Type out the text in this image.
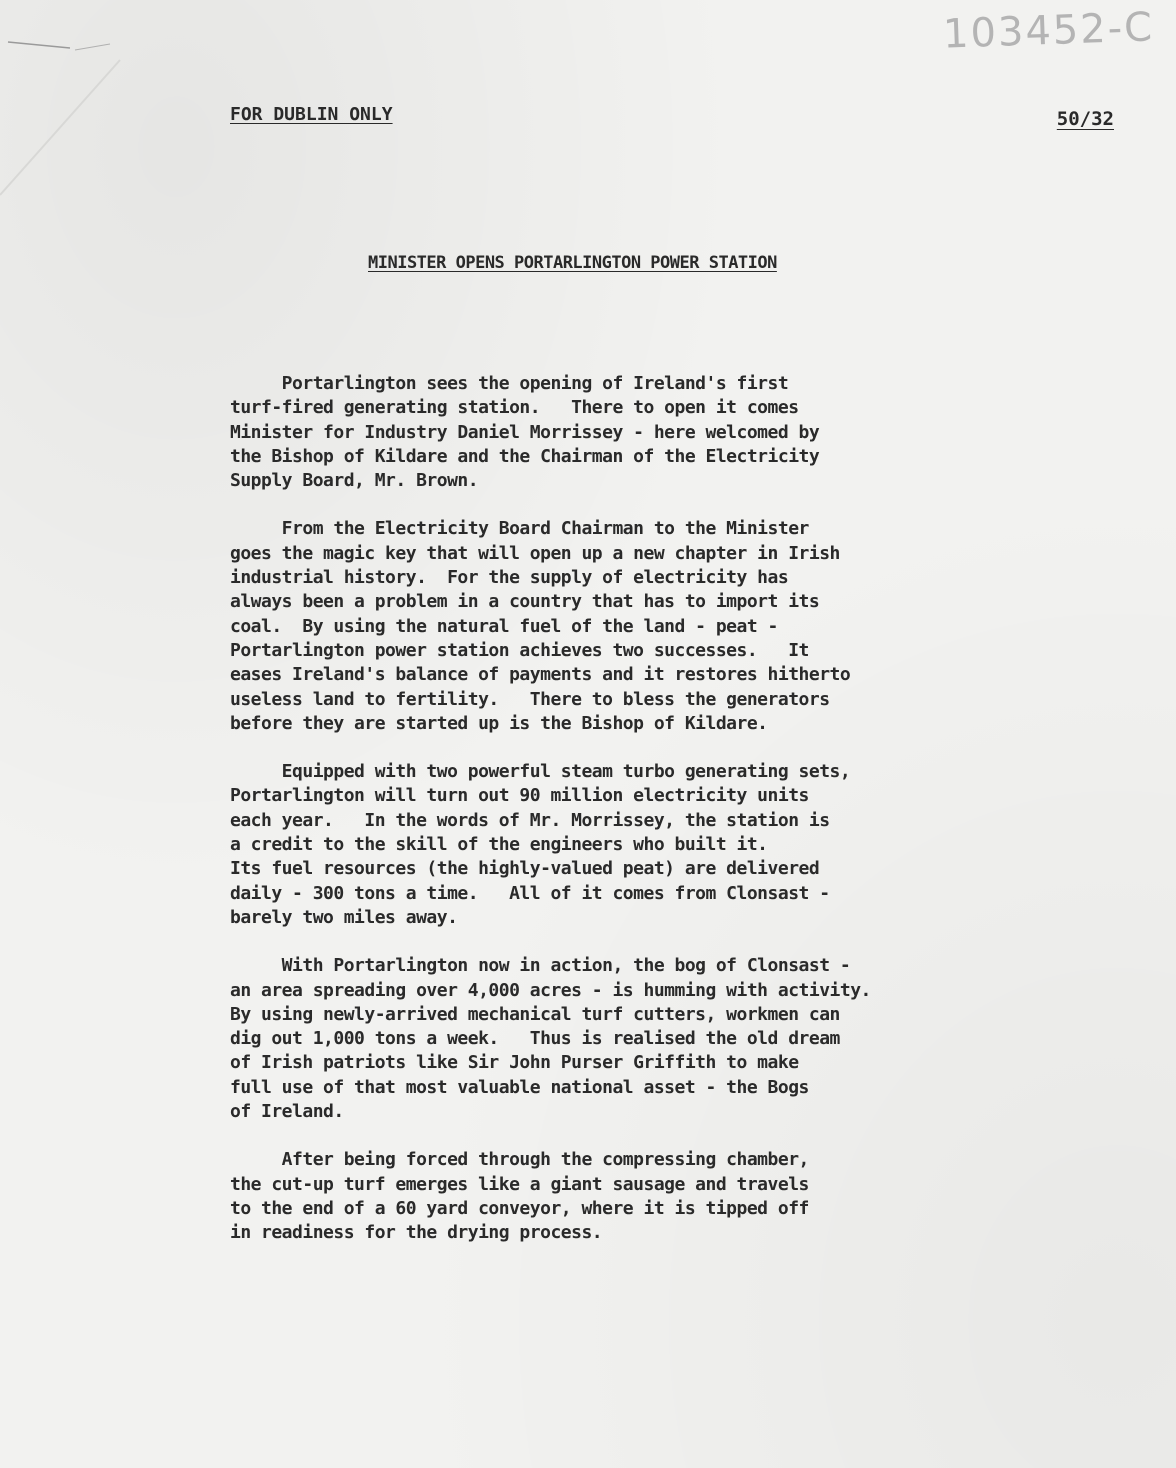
103452-C
FOR DUBLIN ONLY	50/32
MINISTER OPENS PORTARLINGTON POWER STATION

Portarlington sees the opening of Ireland's first
turf-fired generating station.   There to open it comes
Minister for Industry Daniel Morrissey - here welcomed by
the Bishop of Kildare and the Chairman of the Electricity
Supply Board, Mr. Brown.

From the Electricity Board Chairman to the Minister
goes the magic key that will open up a new chapter in Irish
industrial history.  For the supply of electricity has
always been a problem in a country that has to import its
coal.  By using the natural fuel of the land - peat -
Portarlington power station achieves two successes.   It
eases Ireland's balance of payments and it restores hitherto
useless land to fertility.   There to bless the generators
before they are started up is the Bishop of Kildare.

Equipped with two powerful steam turbo generating sets,
Portarlington will turn out 90 million electricity units
each year.   In the words of Mr. Morrissey, the station is
a credit to the skill of the engineers who built it.
Its fuel resources (the highly-valued peat) are delivered
daily - 300 tons a time.   All of it comes from Clonsast -
barely two miles away.

With Portarlington now in action, the bog of Clonsast -
an area spreading over 4,000 acres - is humming with activity.
By using newly-arrived mechanical turf cutters, workmen can
dig out 1,000 tons a week.   Thus is realised the old dream
of Irish patriots like Sir John Purser Griffith to make
full use of that most valuable national asset - the Bogs
of Ireland.

After being forced through the compressing chamber,
the cut-up turf emerges like a giant sausage and travels
to the end of a 60 yard conveyor, where it is tipped off
in readiness for the drying process.
